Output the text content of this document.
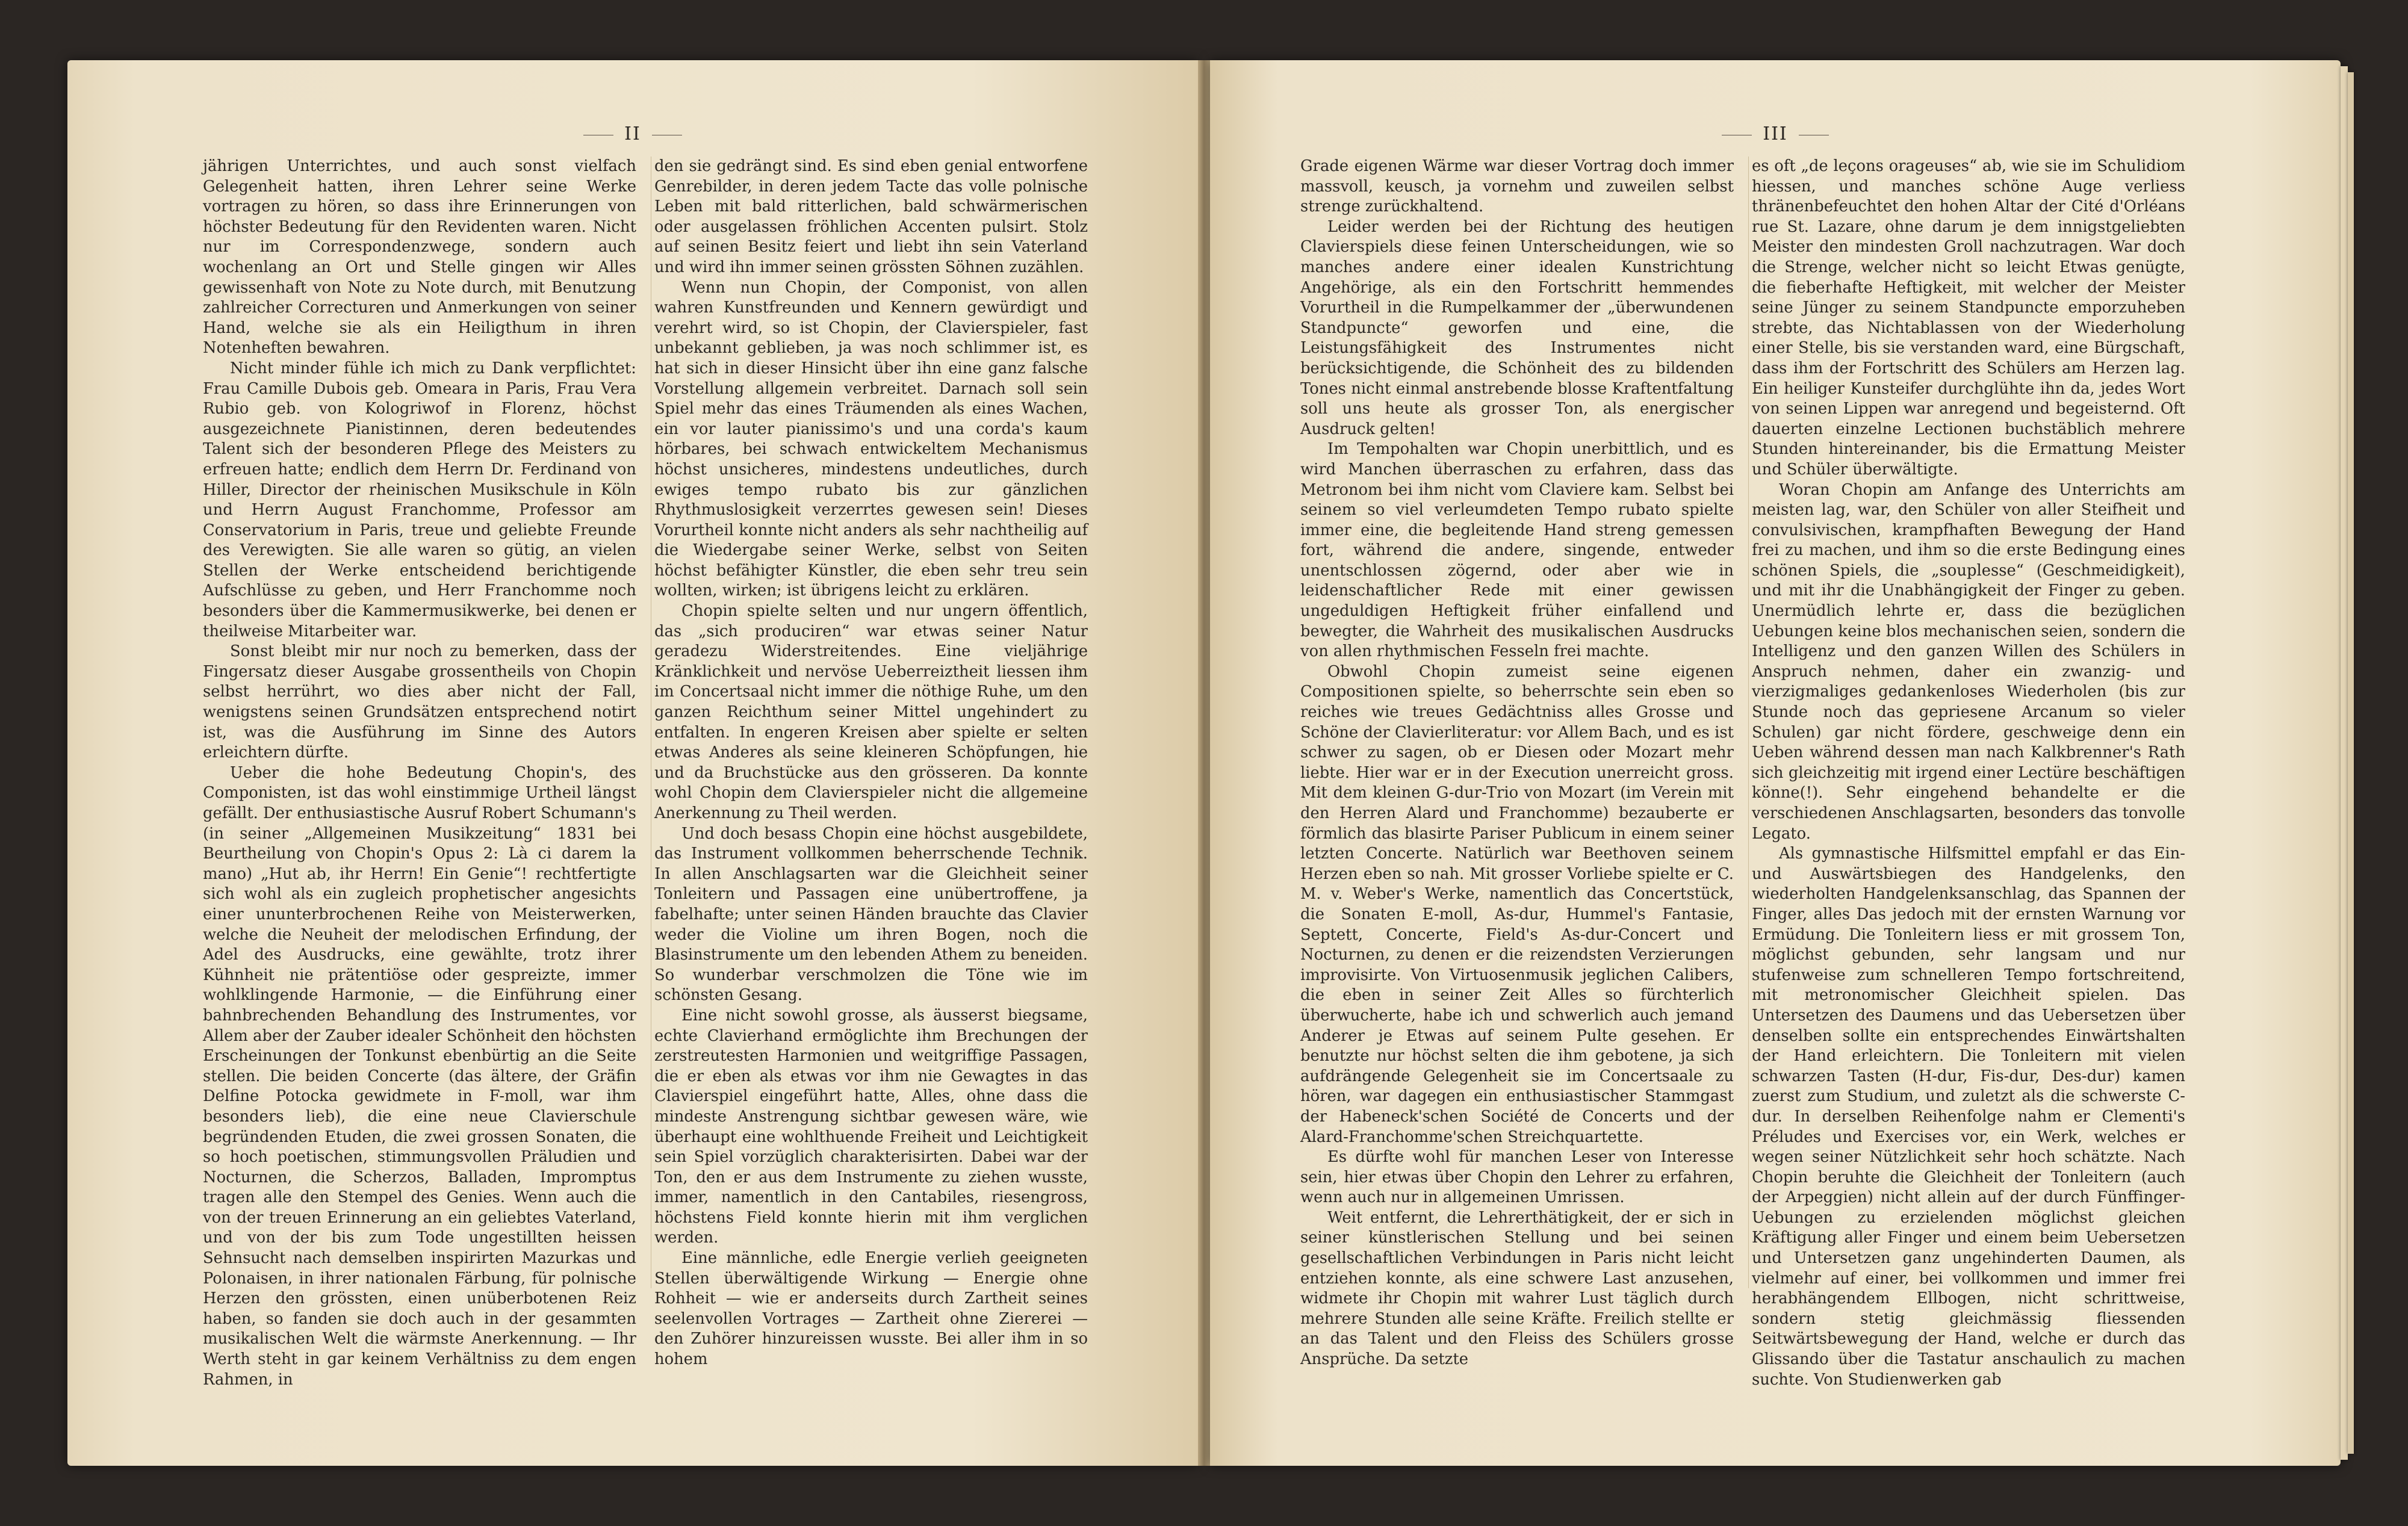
II

jährigen Unterrichtes, und auch sonst vielfach Gelegenheit hatten, ihren Lehrer seine Werke vortragen zu hören, so dass ihre Erinnerungen von höchster Bedeutung für den Revidenten waren. Nicht nur im Correspondenzwege, sondern auch wochenlang an Ort und Stelle gingen wir Alles gewissenhaft von Note zu Note durch, mit Benutzung zahlreicher Correcturen und Anmerkungen von seiner Hand, welche sie als ein Heiligthum in ihren Notenheften bewahren.

Nicht minder fühle ich mich zu Dank verpflichtet: Frau Camille Dubois geb. Omeara in Paris, Frau Vera Rubio geb. von Kologriwof in Florenz, höchst ausgezeichnete Pianistinnen, deren bedeutendes Talent sich der besonderen Pflege des Meisters zu erfreuen hatte; endlich dem Herrn Dr. Ferdinand von Hiller, Director der rheinischen Musikschule in Köln und Herrn August Franchomme, Professor am Conservatorium in Paris, treue und geliebte Freunde des Verewigten. Sie alle waren so gütig, an vielen Stellen der Werke entscheidend berichtigende Aufschlüsse zu geben, und Herr Franchomme noch besonders über die Kammermusikwerke, bei denen er theilweise Mitarbeiter war.

Sonst bleibt mir nur noch zu bemerken, dass der Fingersatz dieser Ausgabe grossentheils von Chopin selbst herrührt, wo dies aber nicht der Fall, wenigstens seinen Grundsätzen entsprechend notirt ist, was die Ausführung im Sinne des Autors erleichtern dürfte.

Ueber die hohe Bedeutung Chopin's, des Componisten, ist das wohl einstimmige Urtheil längst gefällt. Der enthusiastische Ausruf Robert Schumann's (in seiner „Allgemeinen Musikzeitung“ 1831 bei Beurtheilung von Chopin's Opus 2: Là ci darem la mano) „Hut ab, ihr Herrn! Ein Genie“! rechtfertigte sich wohl als ein zugleich prophetischer angesichts einer ununterbrochenen Reihe von Meisterwerken, welche die Neuheit der melodischen Erfindung, der Adel des Ausdrucks, eine gewählte, trotz ihrer Kühnheit nie prätentiöse oder gespreizte, immer wohlklingende Harmonie, — die Einführung einer bahnbrechenden Behandlung des Instrumentes, vor Allem aber der Zauber idealer Schönheit den höchsten Erscheinungen der Tonkunst ebenbürtig an die Seite stellen. Die beiden Concerte (das ältere, der Gräfin Delfine Potocka gewidmete in F-moll, war ihm besonders lieb), die eine neue Clavierschule begründenden Etuden, die zwei grossen Sonaten, die so hoch poetischen, stimmungsvollen Präludien und Nocturnen, die Scherzos, Balladen, Impromptus tragen alle den Stempel des Genies. Wenn auch die von der treuen Erinnerung an ein geliebtes Vaterland, und von der bis zum Tode ungestillten heissen Sehnsucht nach demselben inspirirten Mazurkas und Polonaisen, in ihrer nationalen Färbung, für polnische Herzen den grössten, einen unüberbotenen Reiz haben, so fanden sie doch auch in der gesammten musikalischen Welt die wärmste Anerkennung. — Ihr Werth steht in gar keinem Verhältniss zu dem engen Rahmen, in

den sie gedrängt sind. Es sind eben genial entworfene Genrebilder, in deren jedem Tacte das volle polnische Leben mit bald ritterlichen, bald schwärmerischen oder ausgelassen fröhlichen Accenten pulsirt. Stolz auf seinen Besitz feiert und liebt ihn sein Vaterland und wird ihn immer seinen grössten Söhnen zuzählen.

Wenn nun Chopin, der Componist, von allen wahren Kunstfreunden und Kennern gewürdigt und verehrt wird, so ist Chopin, der Clavierspieler, fast unbekannt geblieben, ja was noch schlimmer ist, es hat sich in dieser Hinsicht über ihn eine ganz falsche Vorstellung allgemein verbreitet. Darnach soll sein Spiel mehr das eines Träumenden als eines Wachen, ein vor lauter pianissimo's und una corda's kaum hörbares, bei schwach entwickeltem Mechanismus höchst unsicheres, mindestens undeutliches, durch ewiges tempo rubato bis zur gänzlichen Rhythmuslosigkeit verzerrtes gewesen sein! Dieses Vorurtheil konnte nicht anders als sehr nachtheilig auf die Wiedergabe seiner Werke, selbst von Seiten höchst befähigter Künstler, die eben sehr treu sein wollten, wirken; ist übrigens leicht zu erklären.

Chopin spielte selten und nur ungern öffentlich, das „sich produciren“ war etwas seiner Natur geradezu Widerstreitendes. Eine vieljährige Kränklichkeit und nervöse Ueberreiztheit liessen ihm im Concertsaal nicht immer die nöthige Ruhe, um den ganzen Reichthum seiner Mittel ungehindert zu entfalten. In engeren Kreisen aber spielte er selten etwas Anderes als seine kleineren Schöpfungen, hie und da Bruchstücke aus den grösseren. Da konnte wohl Chopin dem Clavierspieler nicht die allgemeine Anerkennung zu Theil werden.

Und doch besass Chopin eine höchst ausgebildete, das Instrument vollkommen beherrschende Technik. In allen Anschlagsarten war die Gleichheit seiner Tonleitern und Passagen eine unübertroffene, ja fabelhafte; unter seinen Händen brauchte das Clavier weder die Violine um ihren Bogen, noch die Blasinstrumente um den lebenden Athem zu beneiden. So wunderbar verschmolzen die Töne wie im schönsten Gesang.

Eine nicht sowohl grosse, als äusserst biegsame, echte Clavierhand ermöglichte ihm Brechungen der zerstreutesten Harmonien und weitgriffige Passagen, die er eben als etwas vor ihm nie Gewagtes in das Clavierspiel eingeführt hatte, Alles, ohne dass die mindeste Anstrengung sichtbar gewesen wäre, wie überhaupt eine wohlthuende Freiheit und Leichtigkeit sein Spiel vorzüglich charakterisirten. Dabei war der Ton, den er aus dem Instrumente zu ziehen wusste, immer, namentlich in den Cantabiles, riesengross, höchstens Field konnte hierin mit ihm verglichen werden.

Eine männliche, edle Energie verlieh geeigneten Stellen überwältigende Wirkung — Energie ohne Rohheit — wie er anderseits durch Zartheit seines seelenvollen Vortrages — Zartheit ohne Ziererei — den Zuhörer hinzureissen wusste. Bei aller ihm in so hohem

III

Grade eigenen Wärme war dieser Vortrag doch immer massvoll, keusch, ja vornehm und zuweilen selbst strenge zurückhaltend.

Leider werden bei der Richtung des heutigen Clavierspiels diese feinen Unterscheidungen, wie so manches andere einer idealen Kunstrichtung Angehörige, als ein den Fortschritt hemmendes Vorurtheil in die Rumpelkammer der „überwundenen Standpuncte“ geworfen und eine, die Leistungsfähigkeit des Instrumentes nicht berücksichtigende, die Schönheit des zu bildenden Tones nicht einmal anstrebende blosse Kraftentfaltung soll uns heute als grosser Ton, als energischer Ausdruck gelten!

Im Tempohalten war Chopin unerbittlich, und es wird Manchen überraschen zu erfahren, dass das Metronom bei ihm nicht vom Claviere kam. Selbst bei seinem so viel verleumdeten Tempo rubato spielte immer eine, die begleitende Hand streng gemessen fort, während die andere, singende, entweder unentschlossen zögernd, oder aber wie in leidenschaftlicher Rede mit einer gewissen ungeduldigen Heftigkeit früher einfallend und bewegter, die Wahrheit des musikalischen Ausdrucks von allen rhythmischen Fesseln frei machte.

Obwohl Chopin zumeist seine eigenen Compositionen spielte, so beherrschte sein eben so reiches wie treues Gedächtniss alles Grosse und Schöne der Clavierliteratur: vor Allem Bach, und es ist schwer zu sagen, ob er Diesen oder Mozart mehr liebte. Hier war er in der Execution unerreicht gross. Mit dem kleinen G-dur-Trio von Mozart (im Verein mit den Herren Alard und Franchomme) bezauberte er förmlich das blasirte Pariser Publicum in einem seiner letzten Concerte. Natürlich war Beethoven seinem Herzen eben so nah. Mit grosser Vorliebe spielte er C. M. v. Weber's Werke, namentlich das Concertstück, die Sonaten E-moll, As-dur, Hummel's Fantasie, Septett, Concerte, Field's As-dur-Concert und Nocturnen, zu denen er die reizendsten Verzierungen improvisirte. Von Virtuosenmusik jeglichen Calibers, die eben in seiner Zeit Alles so fürchterlich überwucherte, habe ich und schwerlich auch jemand Anderer je Etwas auf seinem Pulte gesehen. Er benutzte nur höchst selten die ihm gebotene, ja sich aufdrängende Gelegenheit sie im Concertsaale zu hören, war dagegen ein enthusiastischer Stammgast der Habeneck'schen Société de Concerts und der Alard-Franchomme'schen Streichquartette.

Es dürfte wohl für manchen Leser von Interesse sein, hier etwas über Chopin den Lehrer zu erfahren, wenn auch nur in allgemeinen Umrissen.

Weit entfernt, die Lehrerthätigkeit, der er sich in seiner künstlerischen Stellung und bei seinen gesellschaftlichen Verbindungen in Paris nicht leicht entziehen konnte, als eine schwere Last anzusehen, widmete ihr Chopin mit wahrer Lust täglich durch mehrere Stunden alle seine Kräfte. Freilich stellte er an das Talent und den Fleiss des Schülers grosse Ansprüche. Da setzte

es oft „de leçons orageuses“ ab, wie sie im Schulidiom hiessen, und manches schöne Auge verliess thränenbefeuchtet den hohen Altar der Cité d'Orléans rue St. Lazare, ohne darum je dem innigstgeliebten Meister den mindesten Groll nachzutragen. War doch die Strenge, welcher nicht so leicht Etwas genügte, die fieberhafte Heftigkeit, mit welcher der Meister seine Jünger zu seinem Standpuncte emporzuheben strebte, das Nichtablassen von der Wiederholung einer Stelle, bis sie verstanden ward, eine Bürgschaft, dass ihm der Fortschritt des Schülers am Herzen lag. Ein heiliger Kunsteifer durchglühte ihn da, jedes Wort von seinen Lippen war anregend und begeisternd. Oft dauerten einzelne Lectionen buchstäblich mehrere Stunden hintereinander, bis die Ermattung Meister und Schüler überwältigte.

Woran Chopin am Anfange des Unterrichts am meisten lag, war, den Schüler von aller Steifheit und convulsivischen, krampfhaften Bewegung der Hand frei zu machen, und ihm so die erste Bedingung eines schönen Spiels, die „souplesse“ (Geschmeidigkeit), und mit ihr die Unabhängigkeit der Finger zu geben. Unermüdlich lehrte er, dass die bezüglichen Uebungen keine blos mechanischen seien, sondern die Intelligenz und den ganzen Willen des Schülers in Anspruch nehmen, daher ein zwanzig- und vierzigmaliges gedankenloses Wiederholen (bis zur Stunde noch das gepriesene Arcanum so vieler Schulen) gar nicht fördere, geschweige denn ein Ueben während dessen man nach Kalkbrenner's Rath sich gleichzeitig mit irgend einer Lectüre beschäftigen könne(!). Sehr eingehend behandelte er die verschiedenen Anschlagsarten, besonders das tonvolle Legato.

Als gymnastische Hilfsmittel empfahl er das Ein- und Auswärtsbiegen des Handgelenks, den wiederholten Handgelenksanschlag, das Spannen der Finger, alles Das jedoch mit der ernsten Warnung vor Ermüdung. Die Tonleitern liess er mit grossem Ton, möglichst gebunden, sehr langsam und nur stufenweise zum schnelleren Tempo fortschreitend, mit metronomischer Gleichheit spielen. Das Untersetzen des Daumens und das Uebersetzen über denselben sollte ein entsprechendes Einwärtshalten der Hand erleichtern. Die Tonleitern mit vielen schwarzen Tasten (H-dur, Fis-dur, Des-dur) kamen zuerst zum Studium, und zuletzt als die schwerste C-dur. In derselben Reihenfolge nahm er Clementi's Préludes und Exercises vor, ein Werk, welches er wegen seiner Nützlichkeit sehr hoch schätzte. Nach Chopin beruhte die Gleichheit der Tonleitern (auch der Arpeggien) nicht allein auf der durch Fünffinger-Uebungen zu erzielenden möglichst gleichen Kräftigung aller Finger und einem beim Uebersetzen und Untersetzen ganz ungehinderten Daumen, als vielmehr auf einer, bei vollkommen und immer frei herabhängendem Ellbogen, nicht schrittweise, sondern stetig gleichmässig fliessenden Seitwärtsbewegung der Hand, welche er durch das Glissando über die Tastatur anschaulich zu machen suchte. Von Studienwerken gab
